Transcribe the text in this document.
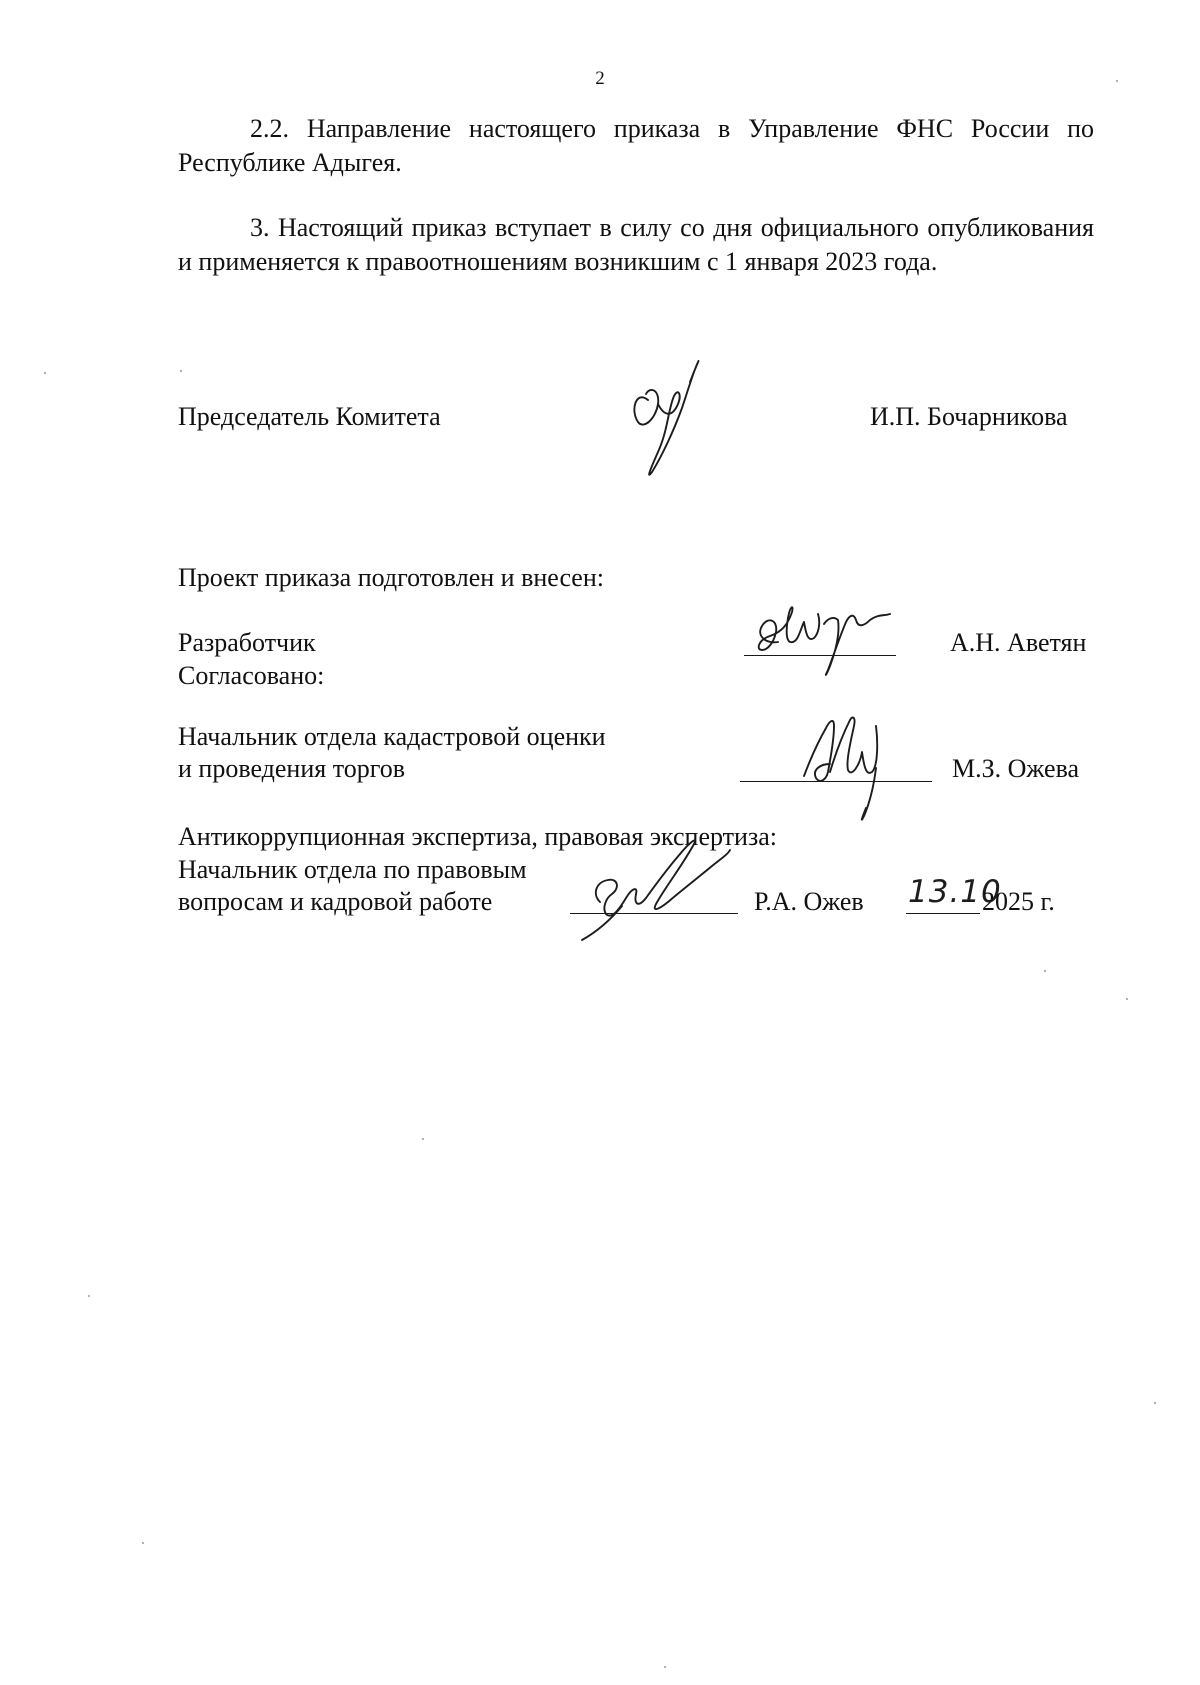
2

2.2. Направление настоящего приказа в Управление ФНС России по Республике Адыгея.

3. Настоящий приказ вступает в силу со дня официального опубликования и применяется к правоотношениям возникшим с 1 января 2023 года.

Председатель Комитета	И.П. Бочарникова
Проект приказа подготовлен и внесен:
Разработчик	А.Н. Аветян
Согласовано:
Начальник отдела кадастровой оценки
и проведения торгов	М.З. Ожева
Антикоррупционная экспертиза, правовая экспертиза:
Начальник отдела по правовым
вопросам и кадровой работе	Р.А. Ожев 13.10
2025 г.
